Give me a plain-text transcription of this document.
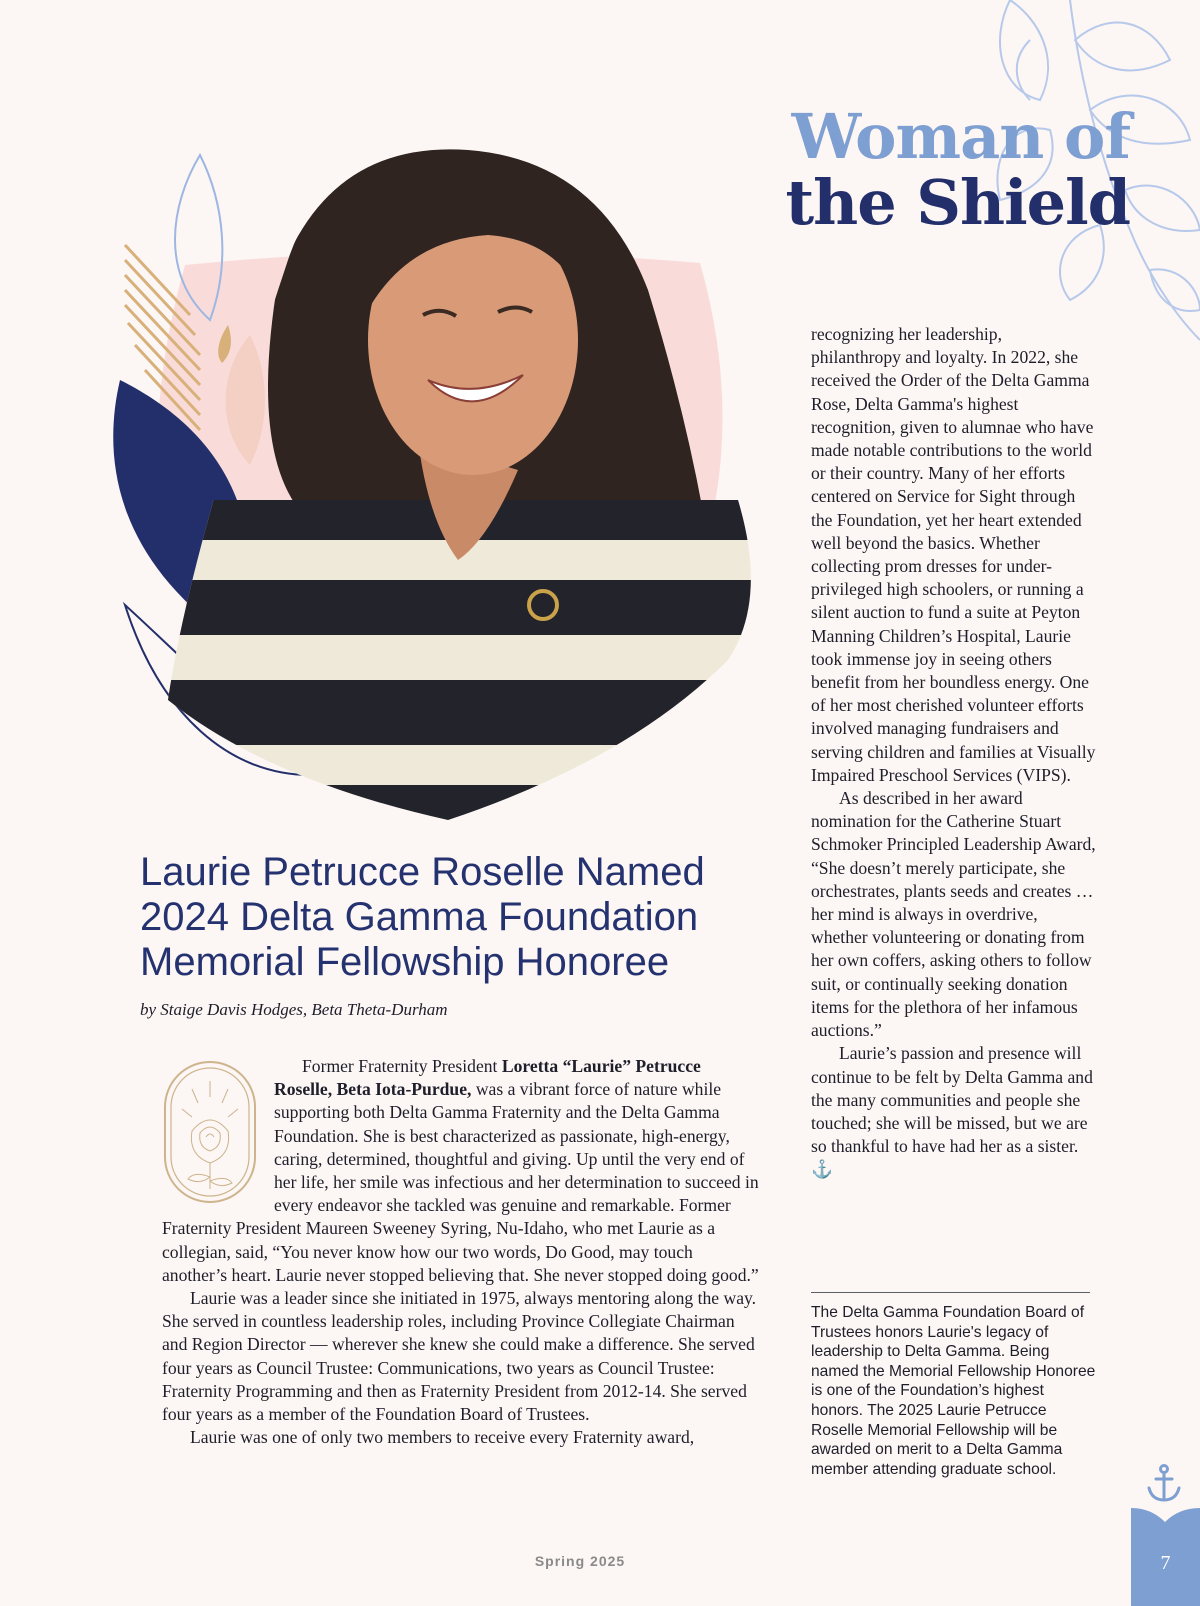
Woman of
the Shield
Laurie Petrucce Roselle Named 2024 Delta Gamma Foundation Memorial Fellowship Honoree
by Staige Davis Hodges, Beta Theta-Durham

Former Fraternity President Loretta “Laurie” Petrucce Roselle, Beta Iota-Purdue, was a vibrant force of nature while supporting both Delta Gamma Fraternity and the Delta Gamma Foundation. She is best characterized as passionate, high-energy, caring, determined, thoughtful and giving. Up until the very end of her life, her smile was infectious and her determination to succeed in every endeavor she tackled was genuine and remarkable. Former Fraternity President Maureen Sweeney Syring, Nu-Idaho, who met Laurie as a collegian, said, “You never know how our two words, Do Good, may touch another’s heart. Laurie never stopped believing that. She never stopped doing good.”

Laurie was a leader since she initiated in 1975, always mentoring along the way. She served in countless leadership roles, including Province Collegiate Chairman and Region Director — wherever she knew she could make a difference. She served four years as Council Trustee: Communications, two years as Council Trustee: Fraternity Programming and then as Fraternity President from 2012-14. She served four years as a member of the Foundation Board of Trustees.

Laurie was one of only two members to receive every Fraternity award,

recognizing her leadership, philanthropy and loyalty. In 2022, she received the Order of the Delta Gamma Rose, Delta Gamma's highest recognition, given to alumnae who have made notable contributions to the world or their country. Many of her efforts centered on Service for Sight through the Foundation, yet her heart extended well beyond the basics. Whether collecting prom dresses for under-privileged high schoolers, or running a silent auction to fund a suite at Peyton Manning Children’s Hospital, Laurie took immense joy in seeing others benefit from her boundless energy. One of her most cherished volunteer efforts involved managing fundraisers and serving children and families at Visually Impaired Preschool Services (VIPS).

As described in her award nomination for the Catherine Stuart Schmoker Principled Leadership Award, “She doesn’t merely participate, she orchestrates, plants seeds and creates … her mind is always in overdrive, whether volunteering or donating from her own coffers, asking others to follow suit, or continually seeking donation items for the plethora of her infamous auctions.”

Laurie’s passion and presence will continue to be felt by Delta Gamma and the many communities and people she touched; she will be missed, but we are so thankful to have had her as a sister. ⚓

The Delta Gamma Foundation Board of Trustees honors Laurie's legacy of leadership to Delta Gamma. Being named the Memorial Fellowship Honoree is one of the Foundation’s highest honors. The 2025 Laurie Petrucce Roselle Memorial Fellowship will be awarded on merit to a Delta Gamma member attending graduate school.
Spring 2025	7
